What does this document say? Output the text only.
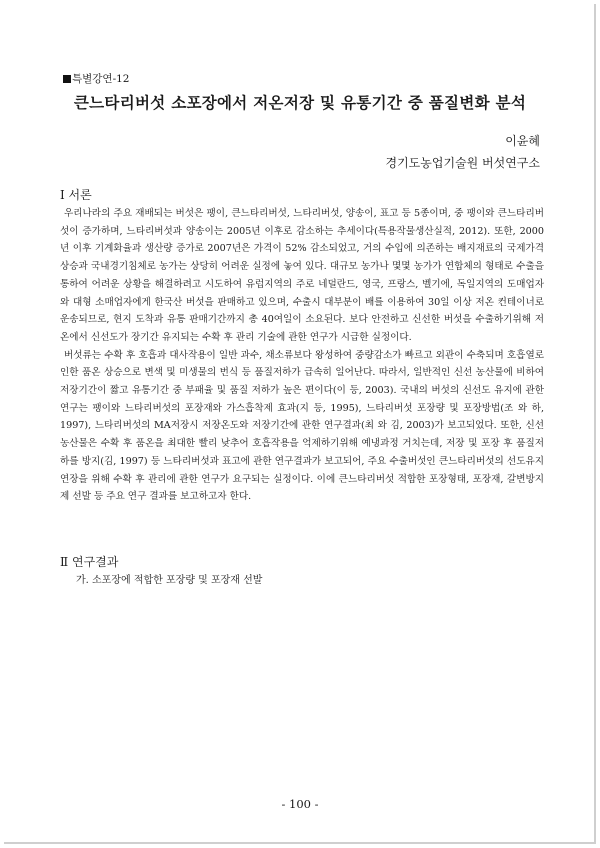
특별강연-12
큰느타리버섯 소포장에서 저온저장 및 유통기간 중 품질변화 분석
이윤혜
경기도농업기술원 버섯연구소
Ⅰ 서론

우리나라의 주요 재배되는 버섯은 팽이, 큰느타리버섯, 느타리버섯, 양송이, 표고 등 5종이며, 중 팽이와 큰느타리버섯이 증가하며, 느타리버섯과 양송이는 2005년 이후로 감소하는 추세이다(특용작물생산실적, 2012). 또한, 2000년 이후 기계화율과 생산량 증가로 2007년은 가격이 52% 감소되었고, 거의 수입에 의존하는 배지재료의 국제가격 상승과 국내경기침체로 농가는 상당히 어려운 실정에 놓여 있다. 대규모 농가나 몇몇 농가가 연합체의 형태로 수출을 통하여 어려운 상황을 해결하려고 시도하여 유럽지역의 주로 네덜란드, 영국, 프랑스, 벨기에, 독일지역의 도매업자와 대형 소매업자에게 한국산 버섯을 판매하고 있으며, 수출시 대부분이 배를 이용하여 30일 이상 저온 컨테이너로 운송되므로, 현지 도착과 유통 판매기간까지 총 40여일이 소요된다. 보다 안전하고 신선한 버섯을 수출하기위해 저온에서 신선도가 장기간 유지되는 수확 후 관리 기술에 관한 연구가 시급한 실정이다.

버섯류는 수확 후 호흡과 대사작용이 일반 과수, 채소류보다 왕성하여 중량감소가 빠르고 외관이 수축되며 호흡열로 인한 품온 상승으로 변색 및 미생물의 번식 등 품질저하가 급속히 일어난다. 따라서, 일반적인 신선 농산물에 비하여 저장기간이 짧고 유통기간 중 부패율 및 품질 저하가 높은 편이다(이 등, 2003). 국내의 버섯의 신선도 유지에 관한 연구는 팽이와 느타리버섯의 포장재와 가스흡착제 효과(지 등, 1995), 느타리버섯 포장량 및 포장방법(조 와 하, 1997), 느타리버섯의 MA저장시 저장온도와 저장기간에 관한 연구결과(최 와 김, 2003)가 보고되었다. 또한, 신선농산물은 수확 후 품온을 최대한 빨리 낮추어 호흡작용을 억제하기위해 예냉과정 거치는데, 저장 및 포장 후 품질저하를 방지(김, 1997) 등 느타리버섯과 표고에 관한 연구결과가 보고되어, 주요 수출버섯인 큰느타리버섯의 선도유지 연장을 위해 수확 후 관리에 관한 연구가 요구되는 실정이다. 이에 큰느타리버섯 적합한 포장형태, 포장재, 갈변방지제 선발 등 주요 연구 결과를 보고하고자 한다.

Ⅱ 연구결과
가. 소포장에 적합한 포장량 및 포장재 선발
- 100 -
